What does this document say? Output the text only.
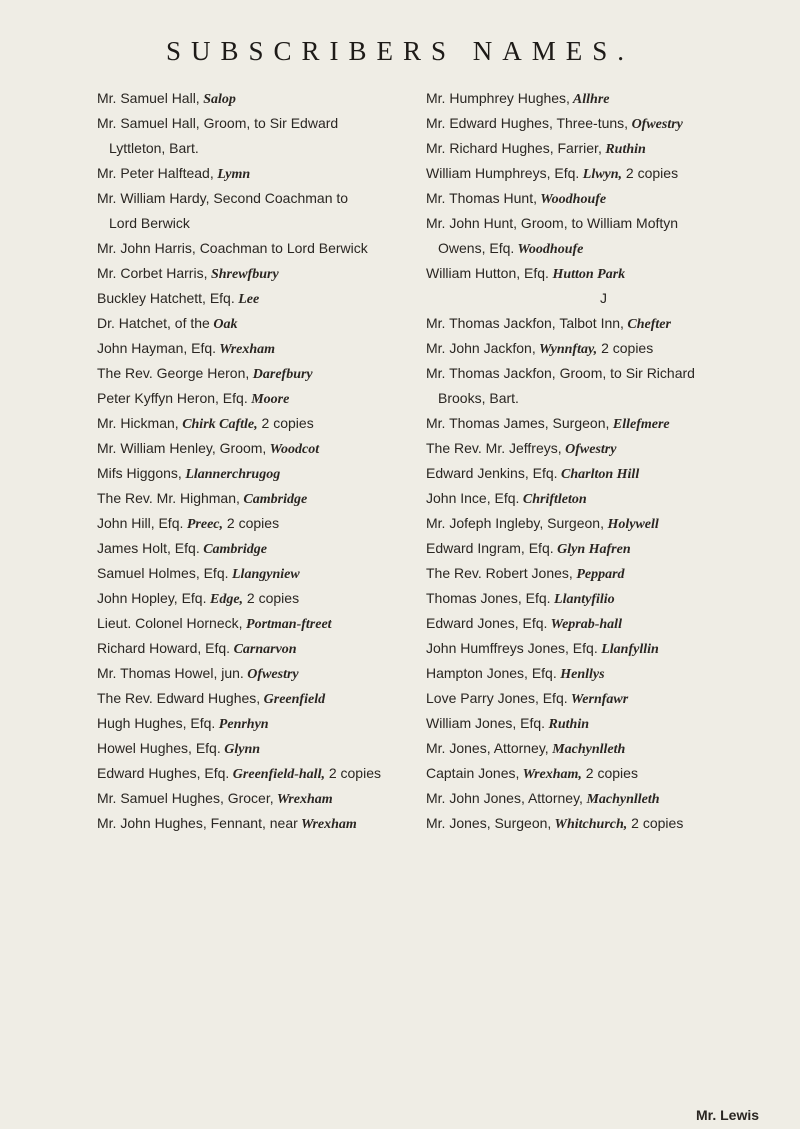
SUBSCRIBERS NAMES.
Mr. Samuel Hall, Salop
Mr. Samuel Hall, Groom, to Sir Edward
Lyttleton, Bart.
Mr. Peter Halftead, Lymn
Mr. William Hardy, Second Coachman to
Lord Berwick
Mr. John Harris, Coachman to Lord Berwick
Mr. Corbet Harris, Shrewfbury
Buckley Hatchett, Efq. Lee
Dr. Hatchet, of the Oak
John Hayman, Efq. Wrexham
The Rev. George Heron, Darefbury
Peter Kyffyn Heron, Efq. Moore
Mr. Hickman, Chirk Caftle, 2 copies
Mr. William Henley, Groom, Woodcot
Mifs Higgons, Llannerchrugog
The Rev. Mr. Highman, Cambridge
John Hill, Efq. Preec, 2 copies
James Holt, Efq. Cambridge
Samuel Holmes, Efq. Llangyniew
John Hopley, Efq. Edge, 2 copies
Lieut. Colonel Horneck, Portman-ftreet
Richard Howard, Efq. Carnarvon
Mr. Thomas Howel, jun. Ofwestry
The Rev. Edward Hughes, Greenfield
Hugh Hughes, Efq. Penrhyn
Howel Hughes, Efq. Glynn
Edward Hughes, Efq. Greenfield-hall, 2 copies
Mr. Samuel Hughes, Grocer, Wrexham
Mr. John Hughes, Fennant, near Wrexham
Mr. Humphrey Hughes, Allhre
Mr. Edward Hughes, Three-tuns, Ofwestry
Mr. Richard Hughes, Farrier, Ruthin
William Humphreys, Efq. Llwyn, 2 copies
Mr. Thomas Hunt, Woodhoufe
Mr. John Hunt, Groom, to William Moftyn
Owens, Efq. Woodhoufe
William Hutton, Efq. Hutton Park
J
Mr. Thomas Jackfon, Talbot Inn, Chefter
Mr. John Jackfon, Wynnftay, 2 copies
Mr. Thomas Jackfon, Groom, to Sir Richard
Brooks, Bart.
Mr. Thomas James, Surgeon, Ellefmere
The Rev. Mr. Jeffreys, Ofwestry
Edward Jenkins, Efq. Charlton Hill
John Ince, Efq. Chriftleton
Mr. Jofeph Ingleby, Surgeon, Holywell
Edward Ingram, Efq. Glyn Hafren
The Rev. Robert Jones, Peppard
Thomas Jones, Efq. Llantyfilio
Edward Jones, Efq. Weprab-hall
John Humffreys Jones, Efq. Llanfyllin
Hampton Jones, Efq. Henllys
Love Parry Jones, Efq. Wernfawr
William Jones, Efq. Ruthin
Mr. Jones, Attorney, Machynlleth
Captain Jones, Wrexham, 2 copies
Mr. John Jones, Attorney, Machynlleth
Mr. Jones, Surgeon, Whitchurch, 2 copies
Mr. Lewis
